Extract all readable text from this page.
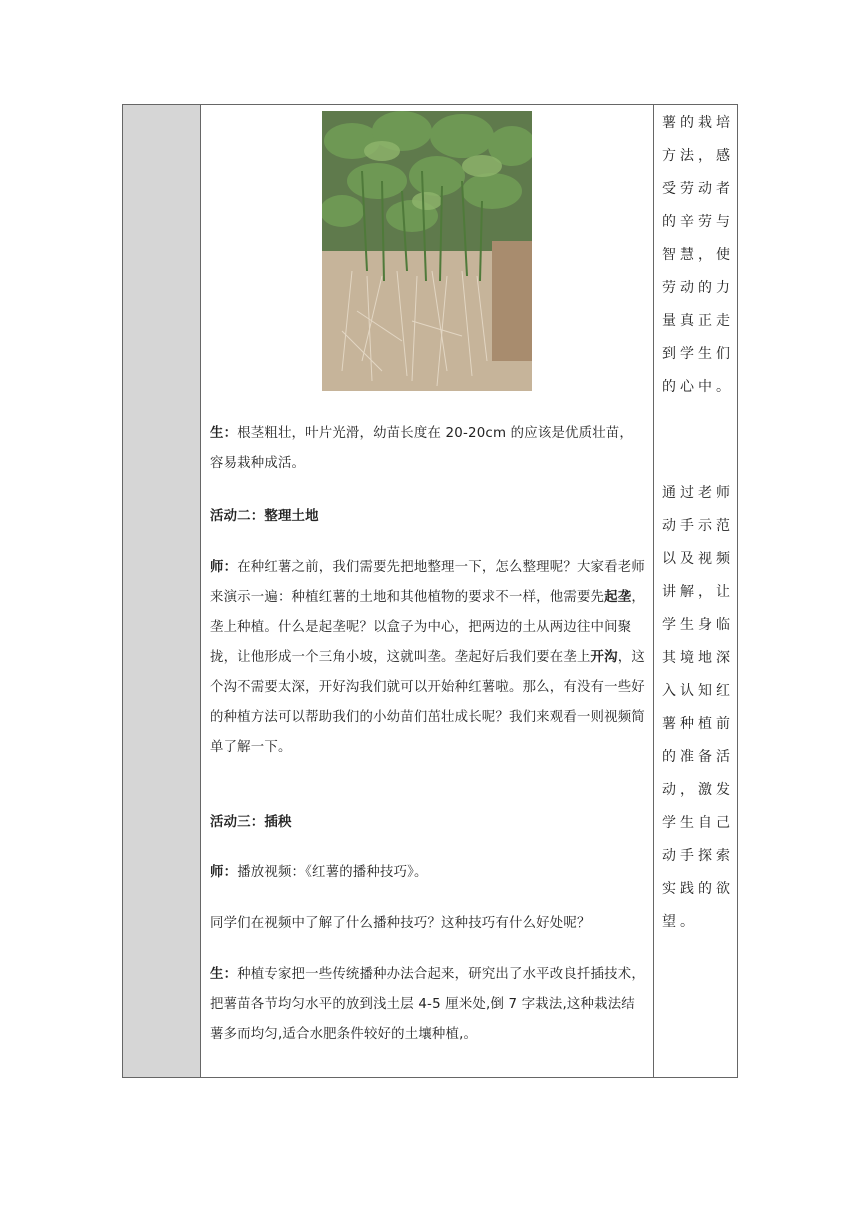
生：根茎粗壮，叶片光滑，幼苗长度在 20-20cm 的应该是优质壮苗，容易栽种成活。

活动二：整理土地

师：在种红薯之前，我们需要先把地整理一下，怎么整理呢？大家看老师来演示一遍：种植红薯的土地和其他植物的要求不一样，他需要先起垄，垄上种植。什么是起垄呢？以盒子为中心，把两边的土从两边往中间聚拢，让他形成一个三角小坡，这就叫垄。垄起好后我们要在垄上开沟，这个沟不需要太深，开好沟我们就可以开始种红薯啦。那么，有没有一些好的种植方法可以帮助我们的小幼苗们茁壮成长呢？我们来观看一则视频简单了解一下。

活动三：插秧

师：播放视频：《红薯的播种技巧》。

同学们在视频中了解了什么播种技巧？这种技巧有什么好处呢？

生：种植专家把一些传统播种办法合起来，研究出了水平改良扦插技术，把薯苗各节均匀水平的放到浅土层 4-5 厘米处,倒 7 字栽法,这种栽法结薯多而均匀,适合水肥条件较好的土壤种植,。

薯的栽培方法，感受劳动者的辛劳与智慧，使劳动的力量真正走到学生们的心中。

通过老师动手示范以及视频讲解，让学生身临其境地深入认知红薯种植前的准备活动，激发学生自己动手探索实践的欲望。
